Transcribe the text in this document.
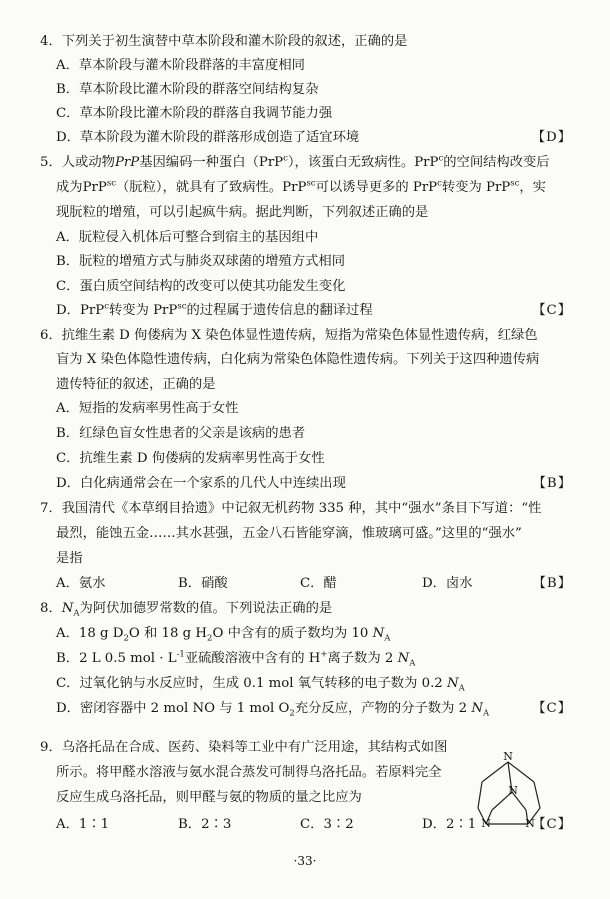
4．下列关于初生演替中草本阶段和灌木阶段的叙述，正确的是
A．草本阶段与灌木阶段群落的丰富度相同
B．草本阶段比灌木阶段的群落空间结构复杂
C．草本阶段比灌木阶段的群落自我调节能力强
D．草本阶段为灌木阶段的群落形成创造了适宜环境	【D】
5．人或动物PrP基因编码一种蛋白（PrP$^c$），该蛋白无致病性。PrP$^c$的空间结构改变后
成为PrP$^{sc}$（朊粒），就具有了致病性。PrP$^{sc}$可以诱导更多的 PrP$^c$转变为 PrP$^{sc}$，实
现朊粒的增殖，可以引起疯牛病。据此判断，下列叙述正确的是
A．朊粒侵入机体后可整合到宿主的基因组中
B．朊粒的增殖方式与肺炎双球菌的增殖方式相同
C．蛋白质空间结构的改变可以使其功能发生变化
D．PrP$^c$转变为 PrP$^{sc}$的过程属于遗传信息的翻译过程	【C】
6．抗维生素 D 佝偻病为 X 染色体显性遗传病，短指为常染色体显性遗传病，红绿色
盲为 X 染色体隐性遗传病，白化病为常染色体隐性遗传病。下列关于这四种遗传病
遗传特征的叙述，正确的是
A．短指的发病率男性高于女性
B．红绿色盲女性患者的父亲是该病的患者
C．抗维生素 D 佝偻病的发病率男性高于女性
D．白化病通常会在一个家系的几代人中连续出现	【B】
7．我国清代《本草纲目拾遗》中记叙无机药物 335 种，其中“强水”条目下写道：“性
最烈，能蚀五金……其水甚强，五金八石皆能穿滴，惟玻璃可盛。”这里的“强水”
是指
A．氨水	B．硝酸	C．醋	D．卤水	【B】
8．$N_A$为阿伏加德罗常数的值。下列说法正确的是
A．18 g $D_2O$ 和 18 g $H_2O$ 中含有的质子数均为 10 $N_A$
B．2 L 0.5 mol · $L^{-1}$亚硫酸溶液中含有的 H+离子数为 2 $N_A$
C．过氧化钠与水反应时，生成 0.1 mol 氧气转移的电子数为 0.2 $N_A$
D．密闭容器中 2 mol NO 与 1 mol $O_2$充分反应，产物的分子数为 2 $N_A$	【C】
9．乌洛托品在合成、医药、染料等工业中有广泛用途，其结构式如图
所示。将甲醛水溶液与氨水混合蒸发可制得乌洛托品。若原料完全
反应生成乌洛托品，则甲醛与氨的物质的量之比应为
A．1∶1	B．2∶3	C．3∶2	D．2∶1	【C】
N
N
N	N
·33·
